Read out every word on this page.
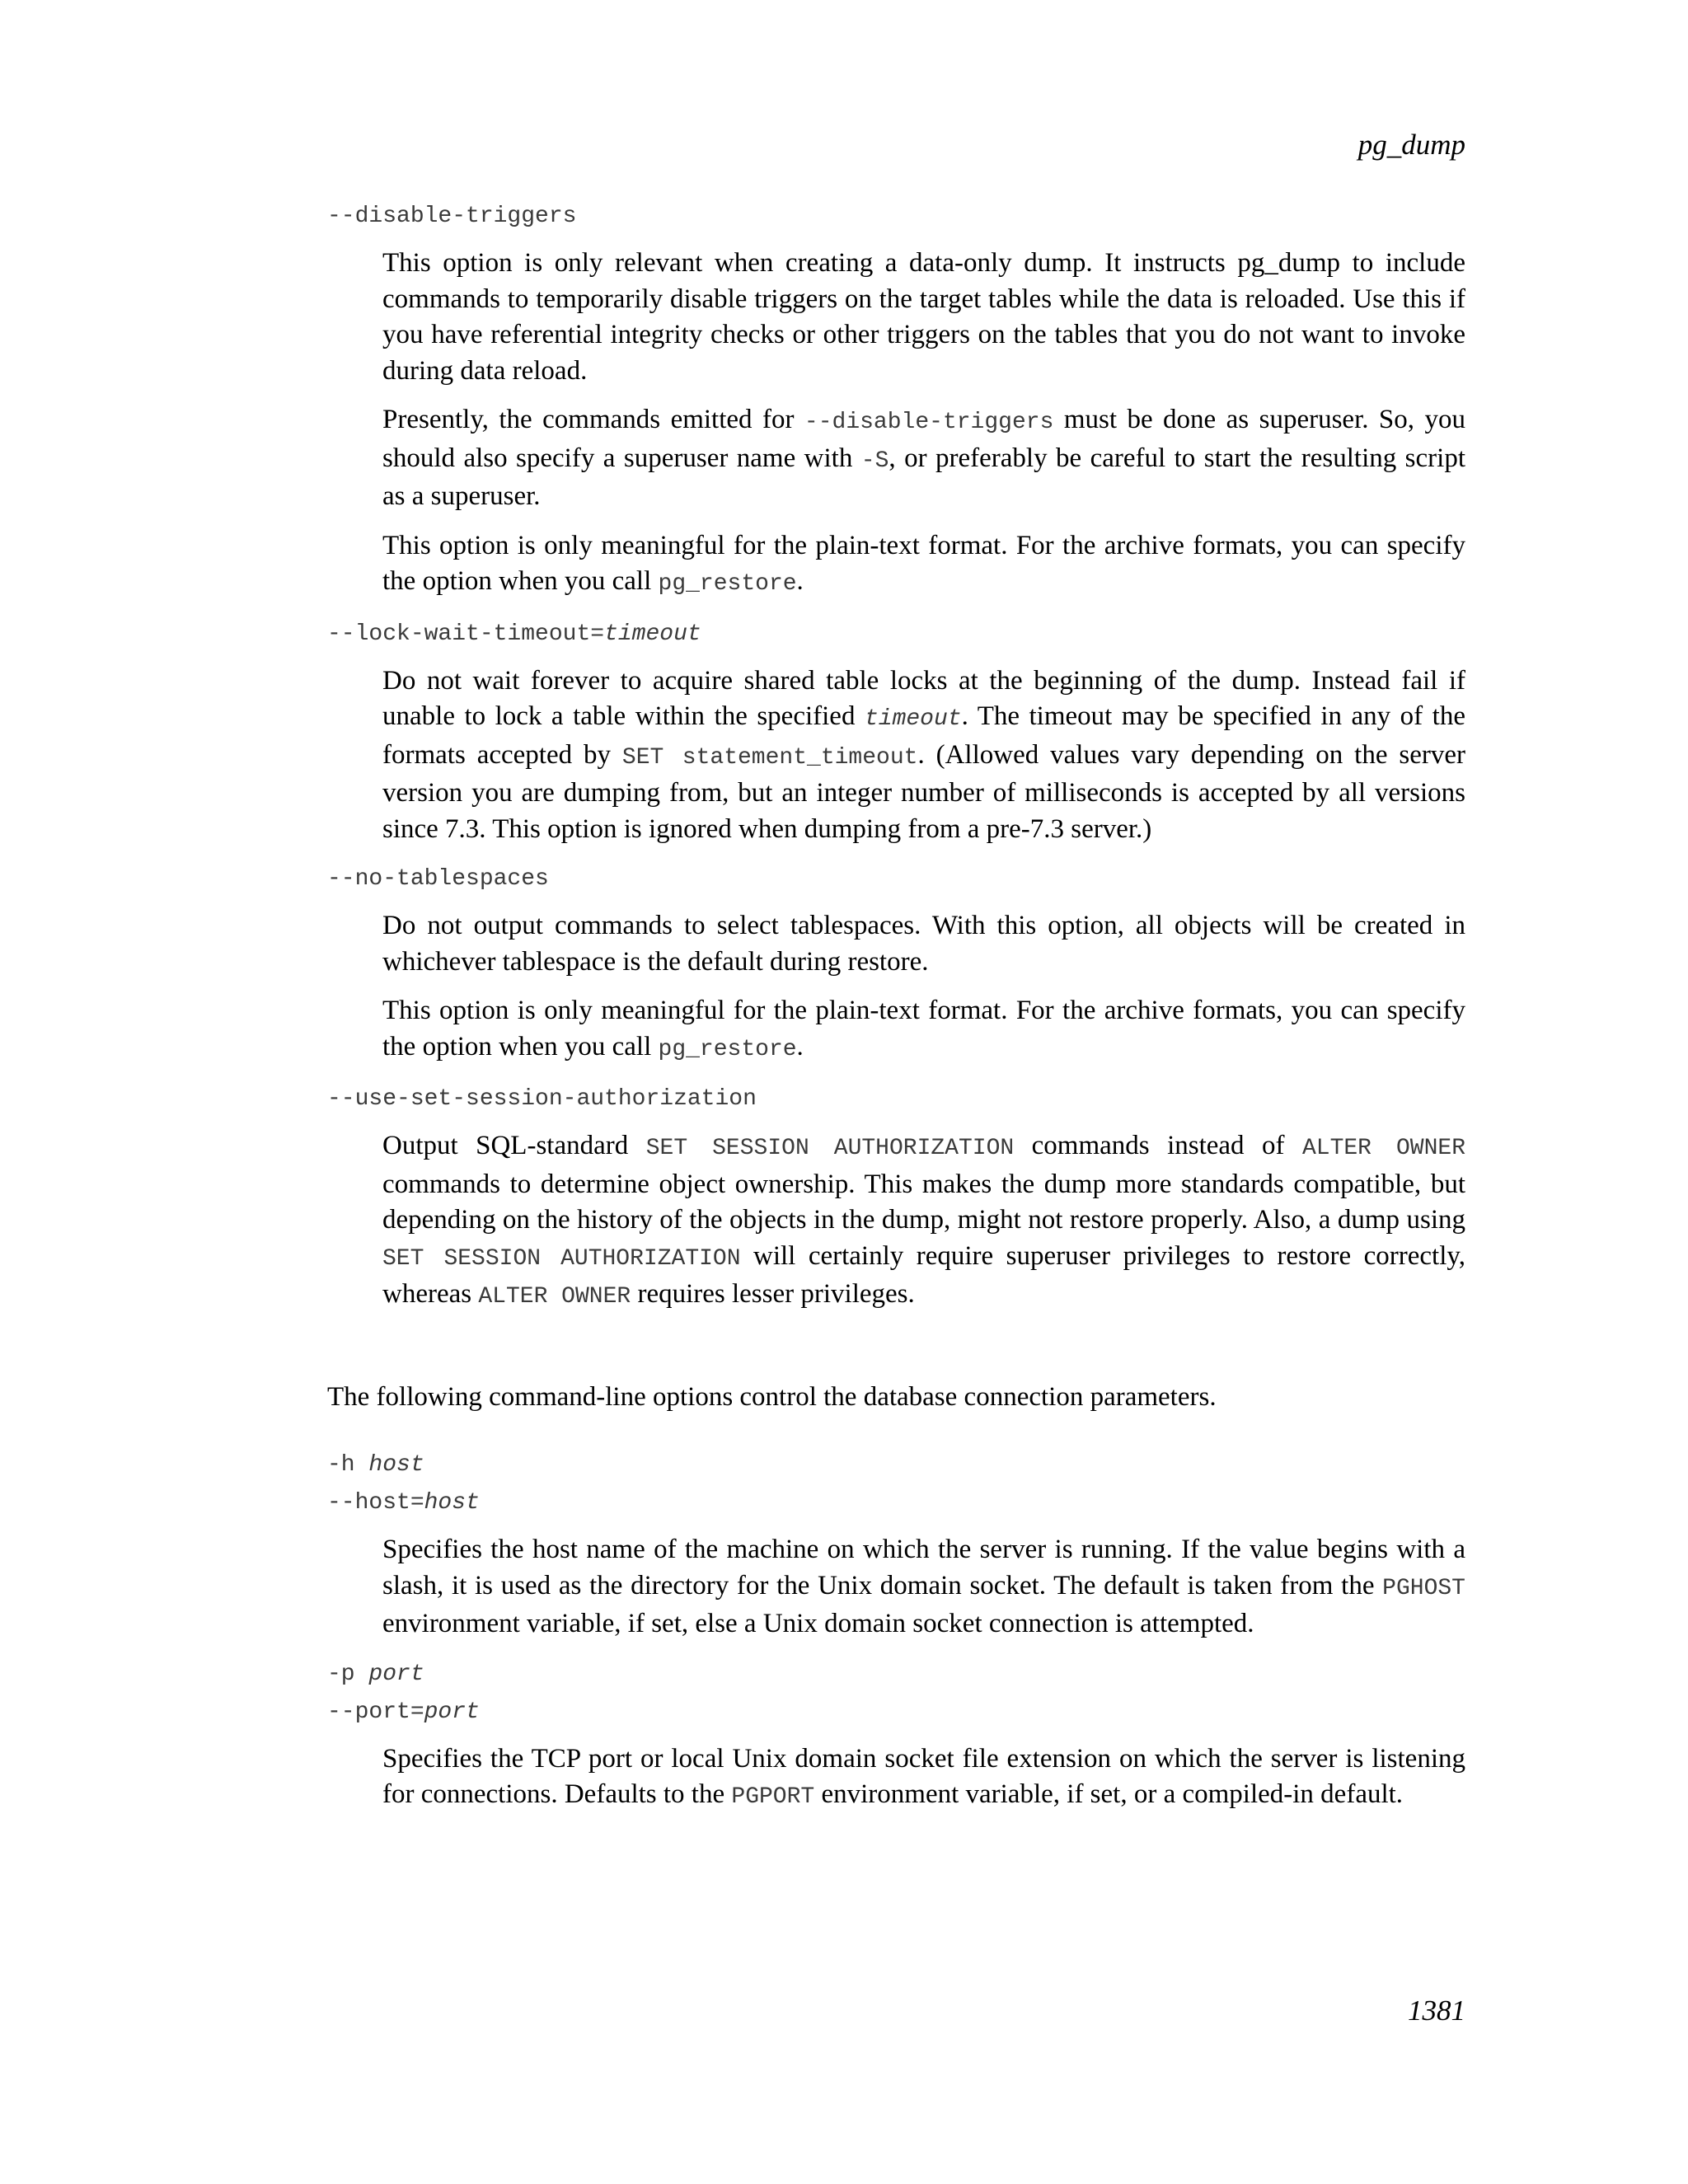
pg_dump
--disable-triggers

This option is only relevant when creating a data-only dump. It instructs pg_dump to include commands to temporarily disable triggers on the target tables while the data is reloaded. Use this if you have referential integrity checks or other triggers on the tables that you do not want to invoke during data reload.

Presently, the commands emitted for --disable-triggers must be done as superuser. So, you should also specify a superuser name with -S, or preferably be careful to start the resulting script as a superuser.

This option is only meaningful for the plain-text format. For the archive formats, you can specify the option when you call pg_restore.

--lock-wait-timeout=timeout

Do not wait forever to acquire shared table locks at the beginning of the dump. Instead fail if unable to lock a table within the specified timeout. The timeout may be specified in any of the formats accepted by SET statement_timeout. (Allowed values vary depending on the server version you are dumping from, but an integer number of milliseconds is accepted by all versions since 7.3. This option is ignored when dumping from a pre-7.3 server.)

--no-tablespaces

Do not output commands to select tablespaces. With this option, all objects will be created in whichever tablespace is the default during restore.

This option is only meaningful for the plain-text format. For the archive formats, you can specify the option when you call pg_restore.

--use-set-session-authorization

Output SQL-standard SET SESSION AUTHORIZATION commands instead of ALTER OWNER commands to determine object ownership. This makes the dump more standards compatible, but depending on the history of the objects in the dump, might not restore properly. Also, a dump using SET SESSION AUTHORIZATION will certainly require superuser privileges to restore correctly, whereas ALTER OWNER requires lesser privileges.

The following command-line options control the database connection parameters.

-h host
--host=host

Specifies the host name of the machine on which the server is running. If the value begins with a slash, it is used as the directory for the Unix domain socket. The default is taken from the PGHOST environment variable, if set, else a Unix domain socket connection is attempted.

-p port
--port=port

Specifies the TCP port or local Unix domain socket file extension on which the server is listening for connections. Defaults to the PGPORT environment variable, if set, or a compiled-in default.

1381
